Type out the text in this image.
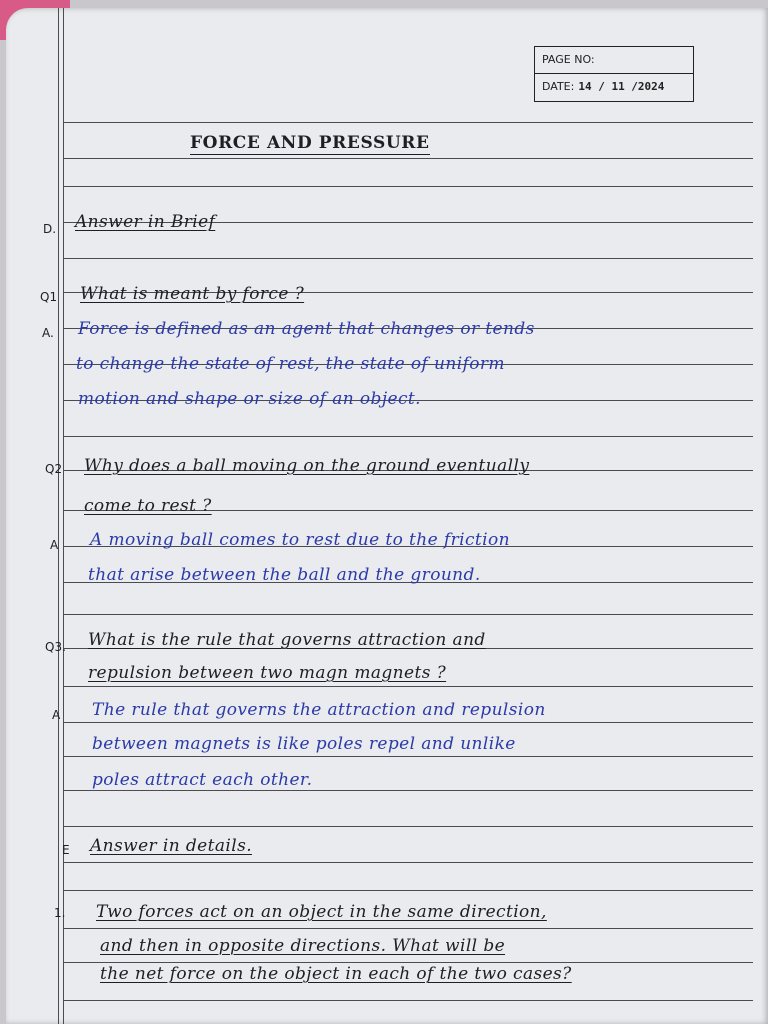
PAGE NO:
DATE: 14 / 11 /2024
FORCE AND PRESSURE
D. Answer in Brief
Q1 What is meant by force ?
A. Force is defined as an agent that changes or tends
to change the state of rest, the state of uniform
motion and shape or size of an object.
Q2 Why does a ball moving on the ground eventually
come to rest ?
A A moving ball comes to rest due to the friction
that arise between the ball and the ground.
Q3. What is the rule that governs attraction and
repulsion between two magn magnets ?
A The rule that governs the attraction and repulsion
between magnets is like poles repel and unlike
poles attract each other.
E Answer in details.
1. Two forces act on an object in the same direction,
and then in opposite directions. What will be
the net force on the object in each of the two cases?
